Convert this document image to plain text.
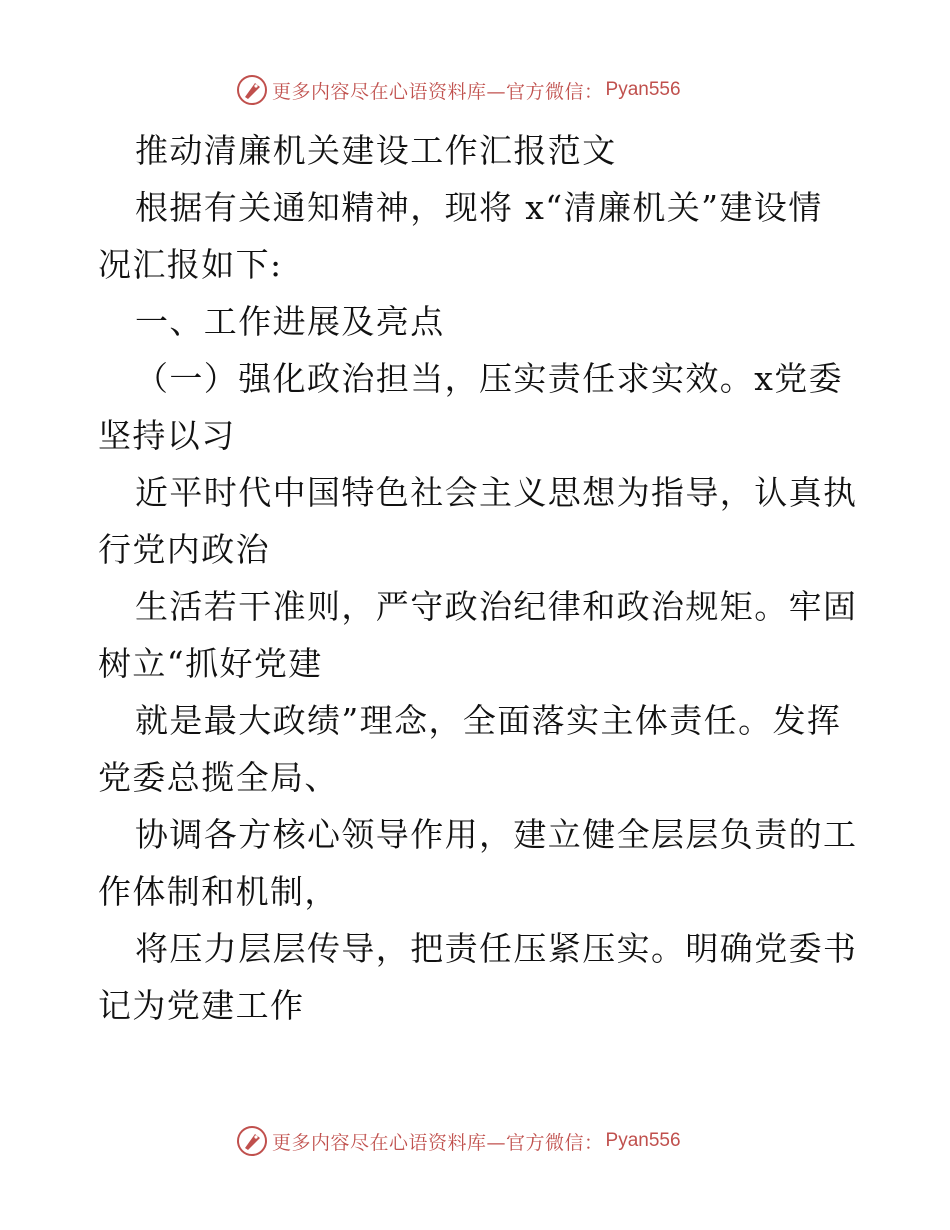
更多内容尽在心语资料库—官方微信： Pyan556

推动清廉机关建设工作汇报范文

根据有关通知精神，现将 x“清廉机关”建设情

况汇报如下:

一、工作进展及亮点

（一）强化政治担当，压实责任求实效。x党委

坚持以习

近平时代中国特色社会主义思想为指导，认真执

行党内政治

生活若干准则，严守政治纪律和政治规矩。牢固

树立“抓好党建

就是最大政绩”理念，全面落实主体责任。发挥

党委总揽全局、

协调各方核心领导作用，建立健全层层负责的工

作体制和机制，

将压力层层传导，把责任压紧压实。明确党委书

记为党建工作

更多内容尽在心语资料库—官方微信： Pyan556
